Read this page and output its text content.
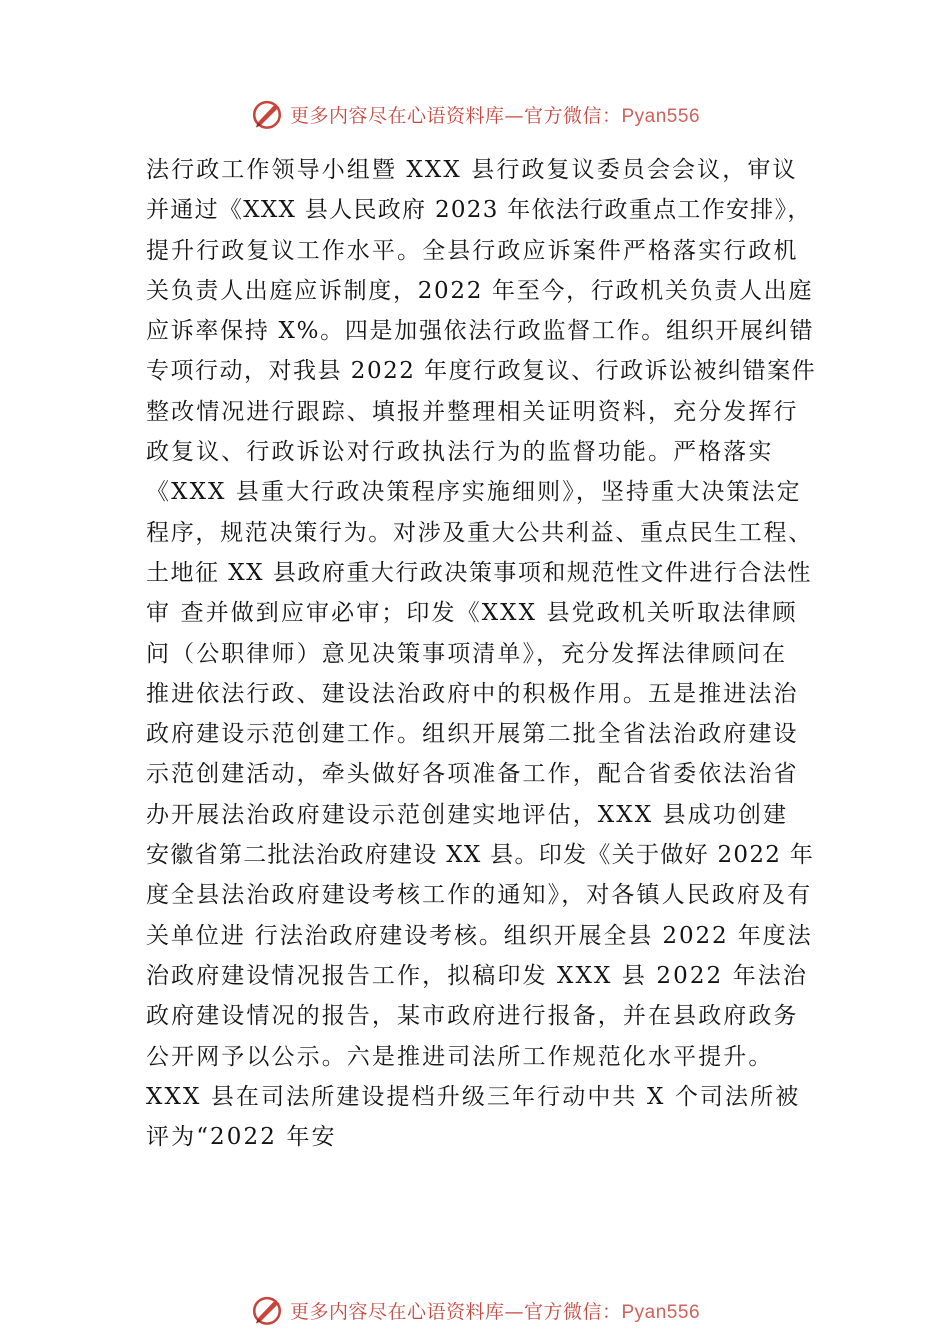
更多内容尽在心语资料库—官方微信：Pyan556

法行政工作领导小组暨 XXX 县行政复议委员会会议，审议

并通过《XXX 县人民政府 2023 年依法行政重点工作安排》，

提升行政复议工作水平。全县行政应诉案件严格落实行政机

关负责人出庭应诉制度，2022 年至今，行政机关负责人出庭

应诉率保持 X%。四是加强依法行政监督工作。组织开展纠错

专项行动，对我县 2022 年度行政复议、行政诉讼被纠错案件

整改情况进行跟踪、填报并整理相关证明资料，充分发挥行

政复议、行政诉讼对行政执法行为的监督功能。严格落实

《XXX 县重大行政决策程序实施细则》，坚持重大决策法定

程序，规范决策行为。对涉及重大公共利益、重点民生工程、

土地征 XX 县政府重大行政决策事项和规范性文件进行合法性

审 查并做到应审必审；印发《XXX 县党政机关听取法律顾

问（公职律师）意见决策事项清单》，充分发挥法律顾问在

推进依法行政、建设法治政府中的积极作用。五是推进法治

政府建设示范创建工作。组织开展第二批全省法治政府建设

示范创建活动，牵头做好各项准备工作，配合省委依法治省

办开展法治政府建设示范创建实地评估，XXX 县成功创建

安徽省第二批法治政府建设 XX 县。印发《关于做好 2022 年

度全县法治政府建设考核工作的通知》，对各镇人民政府及有

关单位进 行法治政府建设考核。组织开展全县 2022 年度法

治政府建设情况报告工作，拟稿印发 XXX 县 2022 年法治

政府建设情况的报告，某市政府进行报备，并在县政府政务

公开网予以公示。六是推进司法所工作规范化水平提升。

XXX 县在司法所建设提档升级三年行动中共 X 个司法所被

评为“2022 年安

更多内容尽在心语资料库—官方微信：Pyan556
